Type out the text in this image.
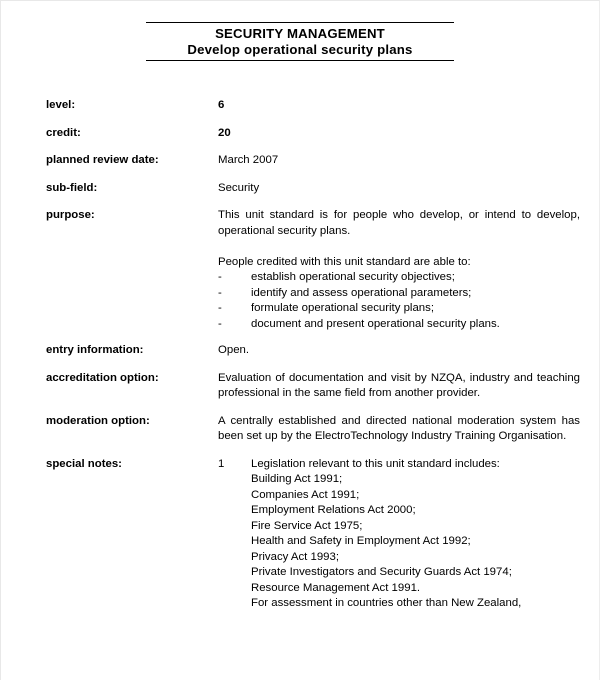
SECURITY MANAGEMENT
Develop operational security plans
level:	6

credit:	20

planned review date:	March 2007

sub-field:	Security

purpose:	This unit standard is for people who develop, or intend to develop, operational security plans.

People credited with this unit standard are able to:

-	establish operational security objectives;
-	identify and assess operational parameters;
-	formulate operational security plans;
-	document and present operational security plans.
entry information:	Open.

accreditation option:	Evaluation of documentation and visit by NZQA, industry and teaching professional in the same field from another provider.

moderation option:	A centrally established and directed national moderation system has been set up by the ElectroTechnology Industry Training Organisation.

special notes:	1	Legislation relevant to this unit standard includes:

Building Act 1991;

Companies Act 1991;

Employment Relations Act 2000;

Fire Service Act 1975;

Health and Safety in Employment Act 1992;

Privacy Act 1993;

Private Investigators and Security Guards Act 1974;

Resource Management Act 1991.

For assessment in countries other than New Zealand,
